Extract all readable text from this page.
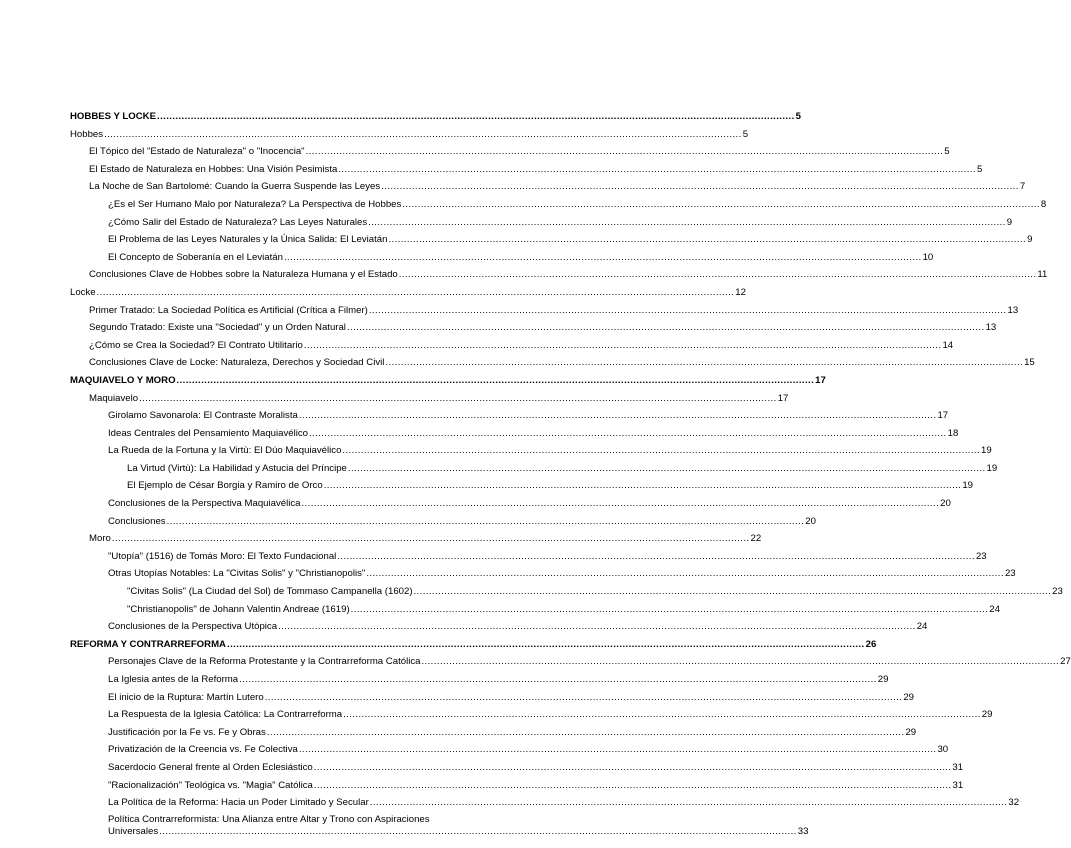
HOBBES Y LOCKE .....	5
Hobbes .....	5
El Tópico del "Estado de Naturaleza" o "Inocencia" .....	5
El Estado de Naturaleza en Hobbes: Una Visión Pesimista .....	5
La Noche de San Bartolomé: Cuando la Guerra Suspende las Leyes .....	7
¿Es el Ser Humano Malo por Naturaleza? La Perspectiva de Hobbes .....	8
¿Cómo Salir del Estado de Naturaleza? Las Leyes Naturales .....	9
El Problema de las Leyes Naturales y la Única Salida: El Leviatán .....	9
El Concepto de Soberanía en el Leviatán .....	10
Conclusiones Clave de Hobbes sobre la Naturaleza Humana y el Estado .....	11
Locke .....	12
Primer Tratado: La Sociedad Política es Artificial (Crítica a Filmer) .....	13
Segundo Tratado: Existe una "Sociedad" y un Orden Natural .....	13
¿Cómo se Crea la Sociedad? El Contrato Utilitario .....	14
Conclusiones Clave de Locke: Naturaleza, Derechos y Sociedad Civil .....	15
MAQUIAVELO Y MORO .....	17
Maquiavelo .....	17
Girolamo Savonarola: El Contraste Moralista .....	17
Ideas Centrales del Pensamiento Maquiavélico .....	18
La Rueda de la Fortuna y la Virtù: El Dúo Maquiavélico .....	19
La Virtud (Virtù): La Habilidad y Astucia del Príncipe .....	19
El Ejemplo de César Borgia y Ramiro de Orco .....	19
Conclusiones de la Perspectiva Maquiavélica .....	20
Conclusiones .....	20
Moro .....	22
"Utopía" (1516) de Tomás Moro: El Texto Fundacional .....	23
Otras Utopías Notables: La "Civitas Solis" y "Christianopolis" .....	23
"Civitas Solis" (La Ciudad del Sol) de Tommaso Campanella (1602) .....	23
"Christianopolis" de Johann Valentin Andreae (1619) .....	24
Conclusiones de la Perspectiva Utópica .....	24
REFORMA Y CONTRARREFORMA .....	26
Personajes Clave de la Reforma Protestante y la Contrarreforma Católica .....	27
La Iglesia antes de la Reforma .....	29
El inicio de la Ruptura: Martín Lutero .....	29
La Respuesta de la Iglesia Católica: La Contrarreforma .....	29
Justificación por la Fe vs. Fe y Obras .....	29
Privatización de la Creencia vs. Fe Colectiva .....	30
Sacerdocio General frente al Orden Eclesiástico .....	31
"Racionalización" Teológica vs. "Magia" Católica .....	31
La Política de la Reforma: Hacia un Poder Limitado y Secular .....	32
Política Contrarreformista: Una Alianza entre Altar y Trono con Aspiraciones
Universales .....	33
